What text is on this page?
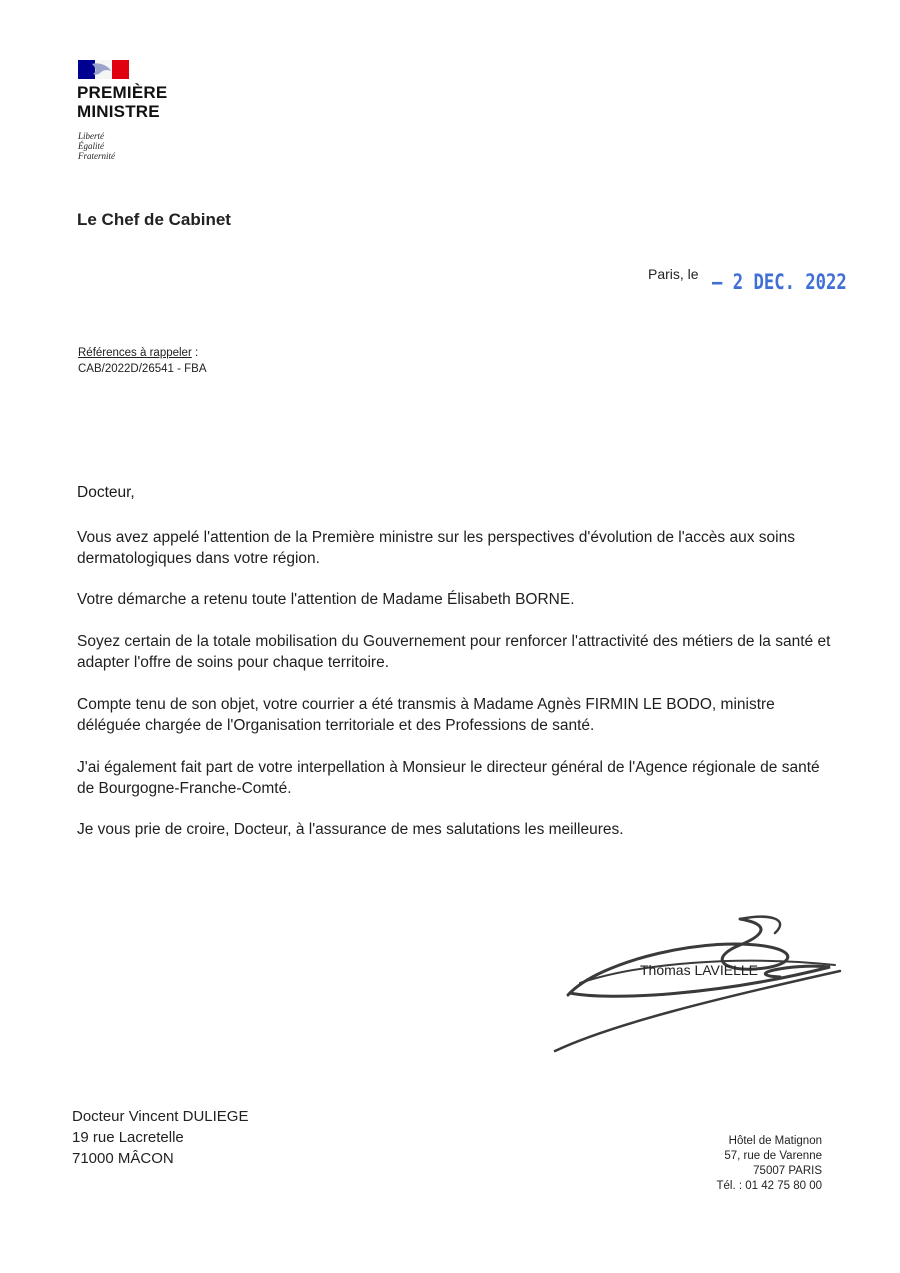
PREMIÈRE
MINISTRE
Liberté
Égalité
Fraternité
Le Chef de Cabinet
Paris, le – 2 DEC. 2022
Références à rappeler :
CAB/2022D/26541 - FBA
Docteur,

Vous avez appelé l'attention de la Première ministre sur les perspectives d'évolution de l'accès aux soins dermatologiques dans votre région.

Votre démarche a retenu toute l'attention de Madame Élisabeth BORNE.

Soyez certain de la totale mobilisation du Gouvernement pour renforcer l'attractivité des métiers de la santé et adapter l'offre de soins pour chaque territoire.

Compte tenu de son objet, votre courrier a été transmis à Madame Agnès FIRMIN LE BODO, ministre déléguée chargée de l'Organisation territoriale et des Professions de santé.

J'ai également fait part de votre interpellation à Monsieur le directeur général de l'Agence régionale de santé de Bourgogne-Franche-Comté.

Je vous prie de croire, Docteur, à l'assurance de mes salutations les meilleures.

Thomas LAVIELLE
Docteur Vincent DULIEGE
19 rue Lacretelle
71000 MÂCON
Hôtel de Matignon
57, rue de Varenne
75007 PARIS
Tél. : 01 42 75 80 00
